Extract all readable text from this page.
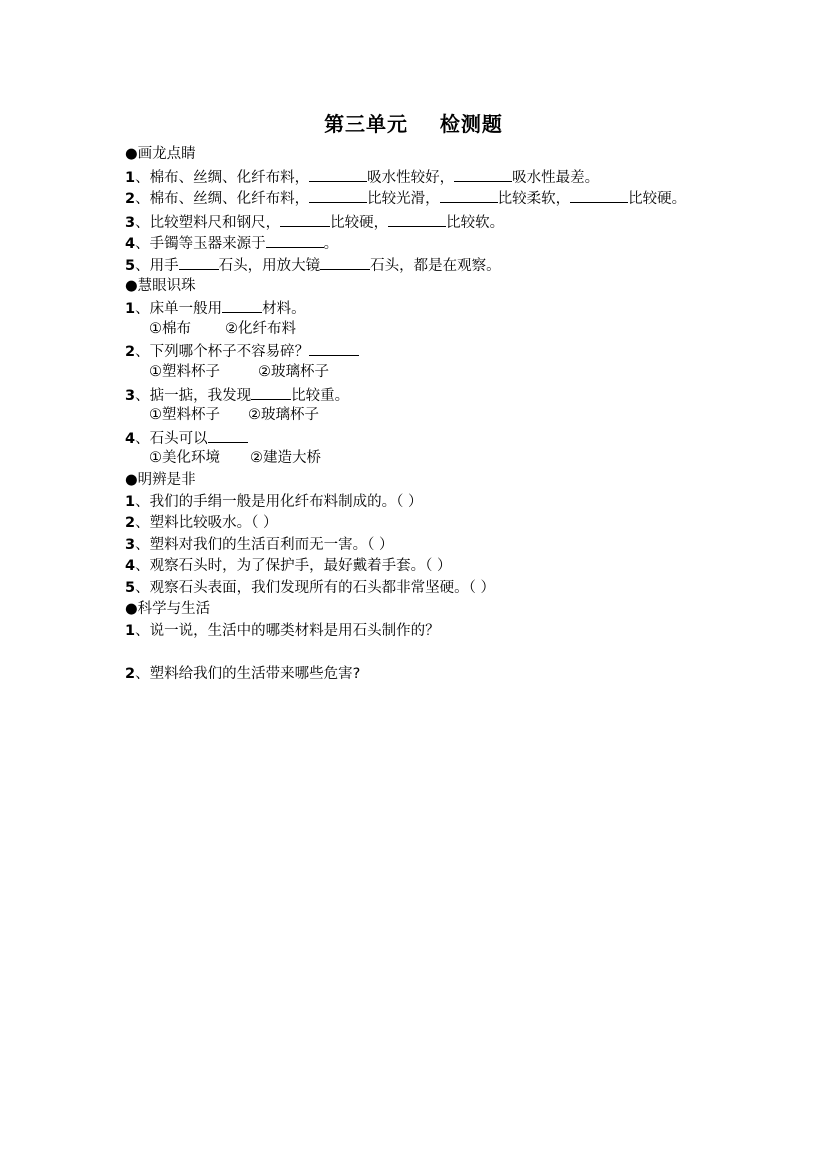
第三单元    检测题
●画龙点睛
1、棉布、丝绸、化纤布料，	吸水性较好，	吸水性最差。
2、棉布、丝绸、化纤布料，	比较光滑，	比较柔软，	比较硬。
3、比较塑料尺和钢尺，	比较硬，	比较软。
4、手镯等玉器来源于	。
5、用手	石头，用放大镜	石头，都是在观察。
●慧眼识珠
1、床单一般用	材料。
①棉布 ②化纤布料
2、下列哪个杯子不容易碎？
①塑料杯子	②玻璃杯子
3、掂一掂，我发现	比较重。
①塑料杯子 ②玻璃杯子
4、石头可以
①美化环境 ②建造大桥
●明辨是非
1、我们的手绢一般是用化纤布料制成的。（ ）
2、塑料比较吸水。（ ）
3、塑料对我们的生活百利而无一害。（ ）
4、观察石头时，为了保护手，最好戴着手套。（ ）
5、观察石头表面，我们发现所有的石头都非常坚硬。（ ）
●科学与生活
1、说一说，生活中的哪类材料是用石头制作的？
2、塑料给我们的生活带来哪些危害?
